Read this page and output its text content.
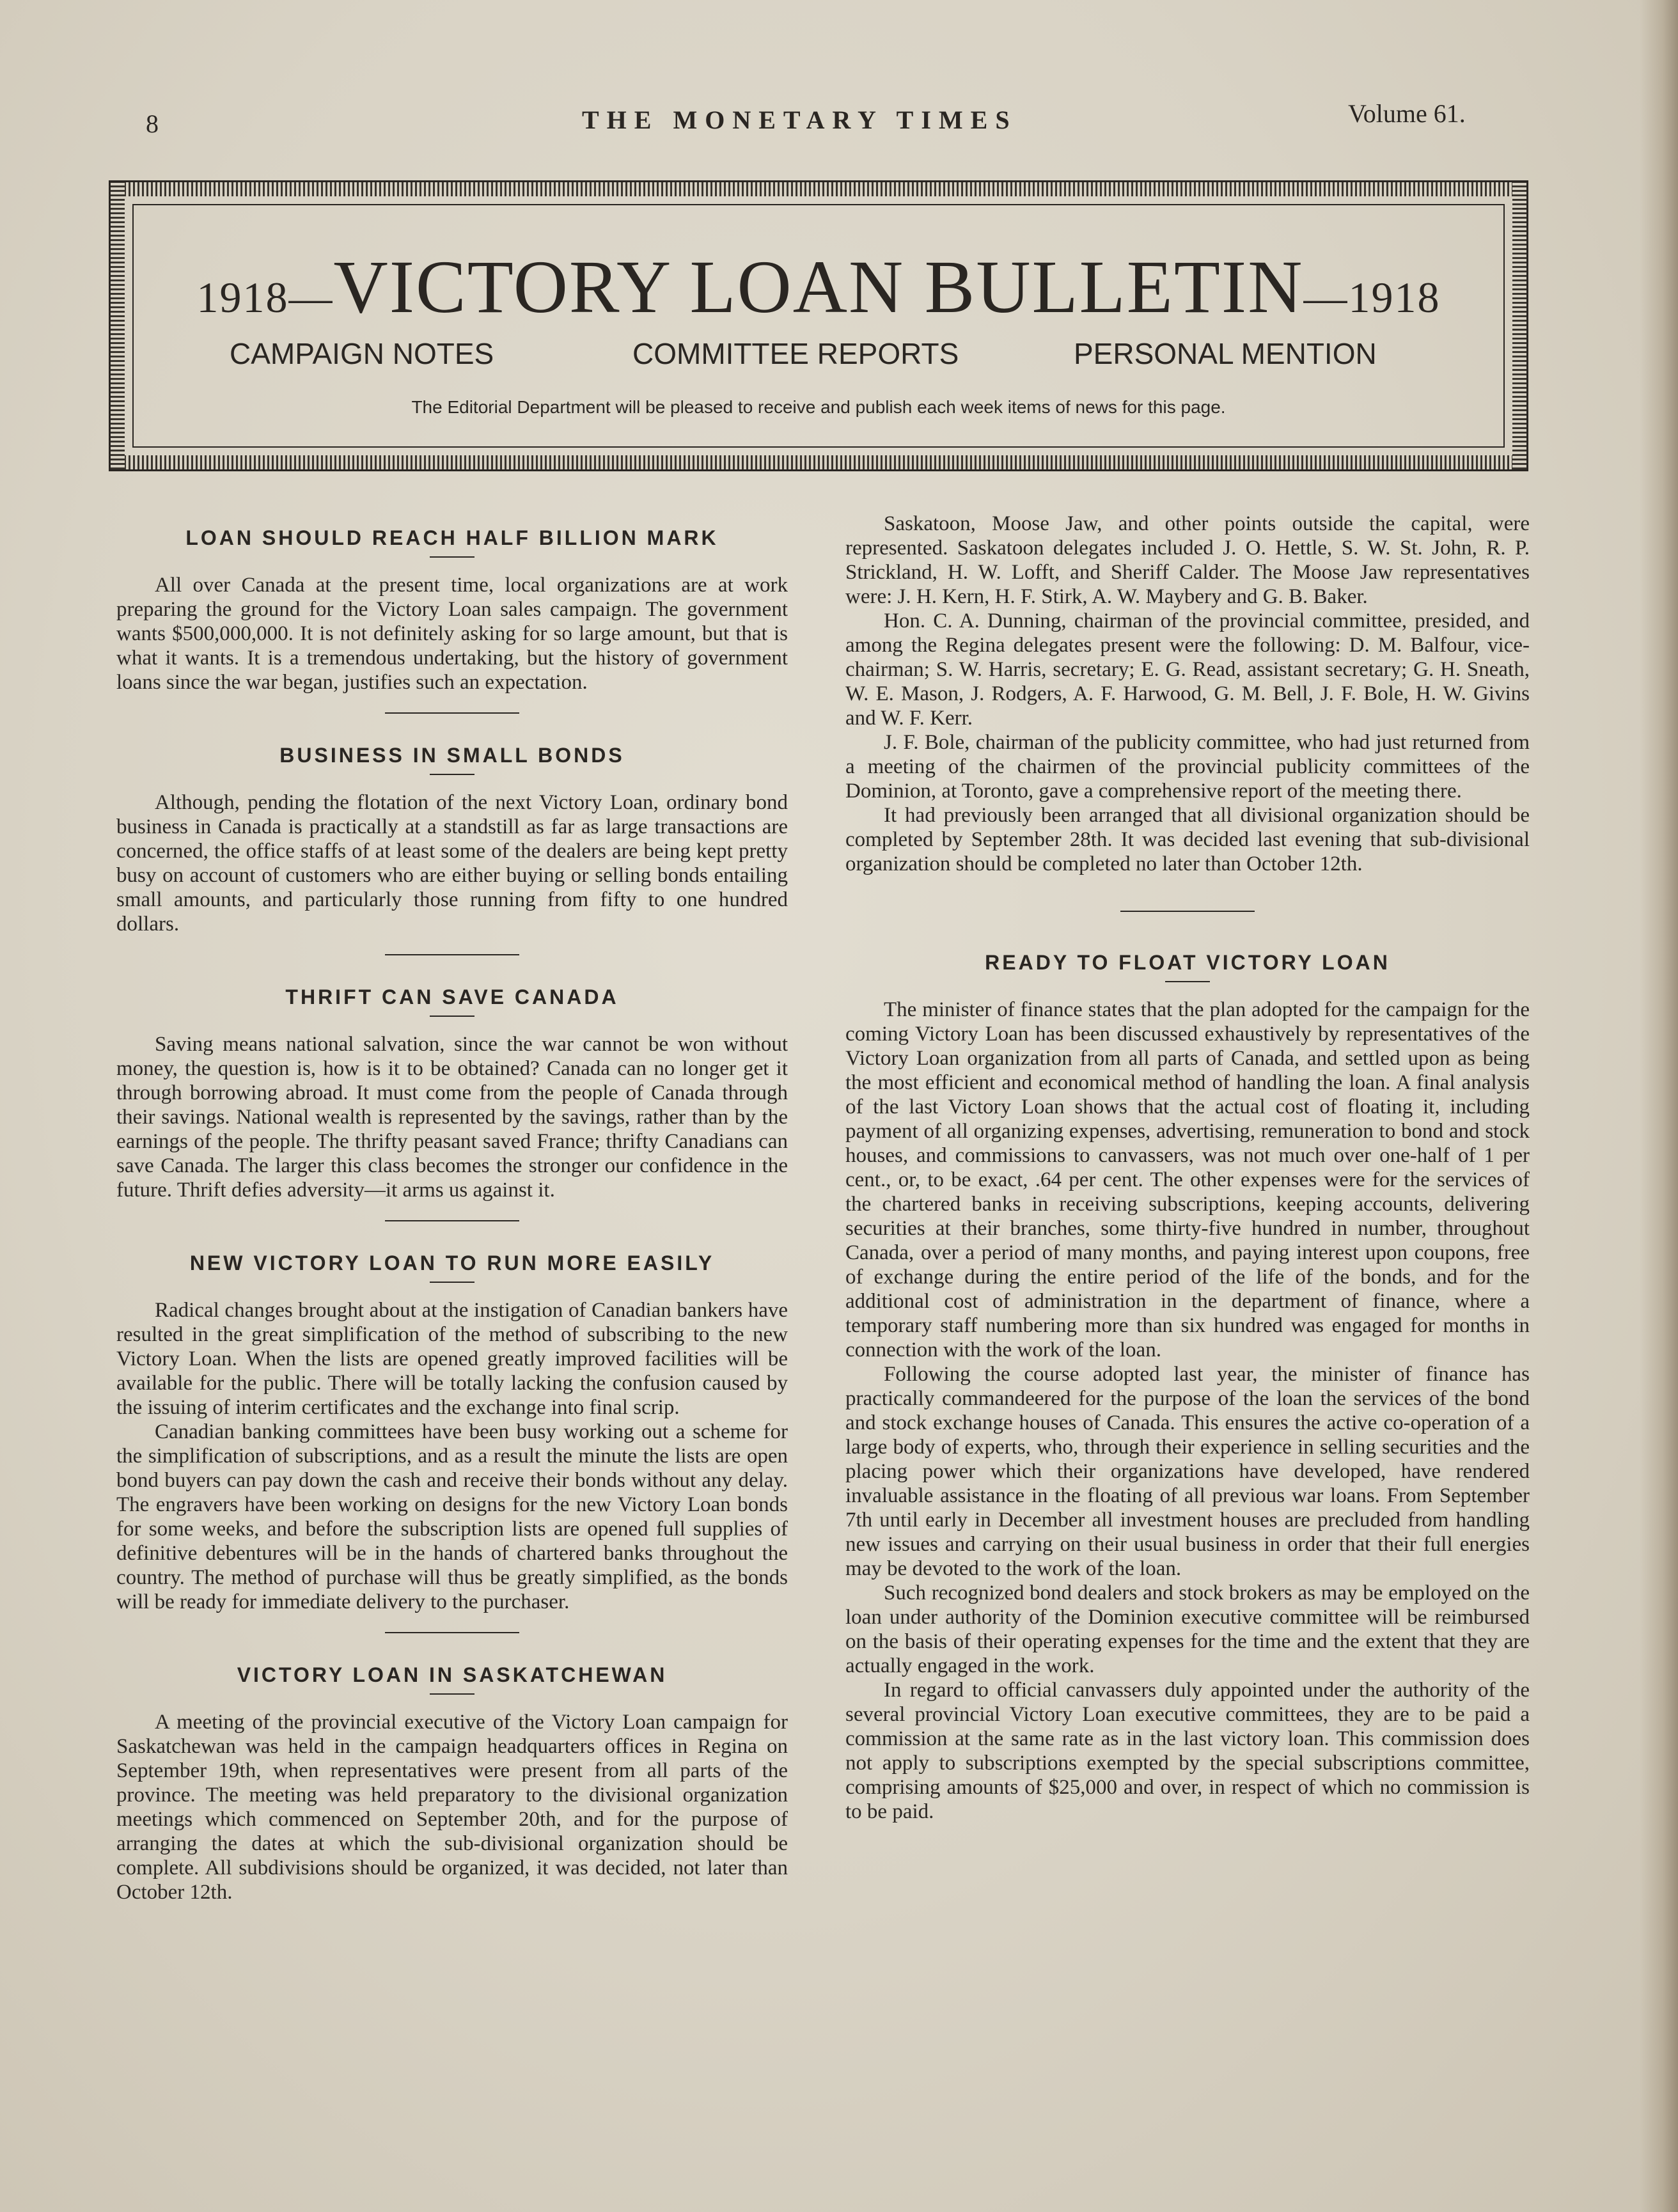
8	THE MONETARY TIMES	Volume 61.
1918—VICTORY LOAN BULLETIN—1918
CAMPAIGN NOTES	COMMITTEE REPORTS	PERSONAL MENTION
The Editorial Department will be pleased to receive and publish each week items of news for this page.
LOAN SHOULD REACH HALF BILLION MARK

All over Canada at the present time, local organizations are at work preparing the ground for the Victory Loan sales campaign. The government wants $500,000,000. It is not definitely asking for so large amount, but that is what it wants. It is a tremendous undertaking, but the history of government loans since the war began, justifies such an expectation.

BUSINESS IN SMALL BONDS

Although, pending the flotation of the next Victory Loan, ordinary bond business in Canada is practically at a standstill as far as large transactions are concerned, the office staffs of at least some of the dealers are being kept pretty busy on account of customers who are either buying or selling bonds entailing small amounts, and particularly those running from fifty to one hundred dollars.

THRIFT CAN SAVE CANADA

Saving means national salvation, since the war cannot be won without money, the question is, how is it to be obtained? Canada can no longer get it through borrowing abroad. It must come from the people of Canada through their savings. National wealth is represented by the savings, rather than by the earnings of the people. The thrifty peasant saved France; thrifty Canadians can save Canada. The larger this class becomes the stronger our confidence in the future. Thrift defies adversity—it arms us against it.

NEW VICTORY LOAN TO RUN MORE EASILY

Radical changes brought about at the instigation of Canadian bankers have resulted in the great simplification of the method of subscribing to the new Victory Loan. When the lists are opened greatly improved facilities will be available for the public. There will be totally lacking the confusion caused by the issuing of interim certificates and the exchange into final scrip.

Canadian banking committees have been busy working out a scheme for the simplification of subscriptions, and as a result the minute the lists are open bond buyers can pay down the cash and receive their bonds without any delay. The engravers have been working on designs for the new Victory Loan bonds for some weeks, and before the subscription lists are opened full supplies of definitive debentures will be in the hands of chartered banks throughout the country. The method of purchase will thus be greatly simplified, as the bonds will be ready for immediate delivery to the purchaser.

VICTORY LOAN IN SASKATCHEWAN

A meeting of the provincial executive of the Victory Loan campaign for Saskatchewan was held in the campaign headquarters offices in Regina on September 19th, when representatives were present from all parts of the province. The meeting was held preparatory to the divisional organization meetings which commenced on September 20th, and for the purpose of arranging the dates at which the sub-divisional organization should be complete. All subdivisions should be organized, it was decided, not later than October 12th.

Saskatoon, Moose Jaw, and other points outside the capital, were represented. Saskatoon delegates included J. O. Hettle, S. W. St. John, R. P. Strickland, H. W. Lofft, and Sheriff Calder. The Moose Jaw representatives were: J. H. Kern, H. F. Stirk, A. W. Maybery and G. B. Baker.

Hon. C. A. Dunning, chairman of the provincial committee, presided, and among the Regina delegates present were the following: D. M. Balfour, vice-chairman; S. W. Harris, secretary; E. G. Read, assistant secretary; G. H. Sneath, W. E. Mason, J. Rodgers, A. F. Harwood, G. M. Bell, J. F. Bole, H. W. Givins and W. F. Kerr.

J. F. Bole, chairman of the publicity committee, who had just returned from a meeting of the chairmen of the provincial publicity committees of the Dominion, at Toronto, gave a comprehensive report of the meeting there.

It had previously been arranged that all divisional organization should be completed by September 28th. It was decided last evening that sub-divisional organization should be completed no later than October 12th.

READY TO FLOAT VICTORY LOAN

The minister of finance states that the plan adopted for the campaign for the coming Victory Loan has been discussed exhaustively by representatives of the Victory Loan organization from all parts of Canada, and settled upon as being the most efficient and economical method of handling the loan. A final analysis of the last Victory Loan shows that the actual cost of floating it, including payment of all organizing expenses, advertising, remuneration to bond and stock houses, and commissions to canvassers, was not much over one-half of 1 per cent., or, to be exact, .64 per cent. The other expenses were for the services of the chartered banks in receiving subscriptions, keeping accounts, delivering securities at their branches, some thirty-five hundred in number, throughout Canada, over a period of many months, and paying interest upon coupons, free of exchange during the entire period of the life of the bonds, and for the additional cost of administration in the department of finance, where a temporary staff numbering more than six hundred was engaged for months in connection with the work of the loan.

Following the course adopted last year, the minister of finance has practically commandeered for the purpose of the loan the services of the bond and stock exchange houses of Canada. This ensures the active co-operation of a large body of experts, who, through their experience in selling securities and the placing power which their organizations have developed, have rendered invaluable assistance in the floating of all previous war loans. From September 7th until early in December all investment houses are precluded from handling new issues and carrying on their usual business in order that their full energies may be devoted to the work of the loan.

Such recognized bond dealers and stock brokers as may be employed on the loan under authority of the Dominion executive committee will be reimbursed on the basis of their operating expenses for the time and the extent that they are actually engaged in the work.

In regard to official canvassers duly appointed under the authority of the several provincial Victory Loan executive committees, they are to be paid a commission at the same rate as in the last victory loan. This commission does not apply to subscriptions exempted by the special subscriptions committee, comprising amounts of $25,000 and over, in respect of which no commission is to be paid.
